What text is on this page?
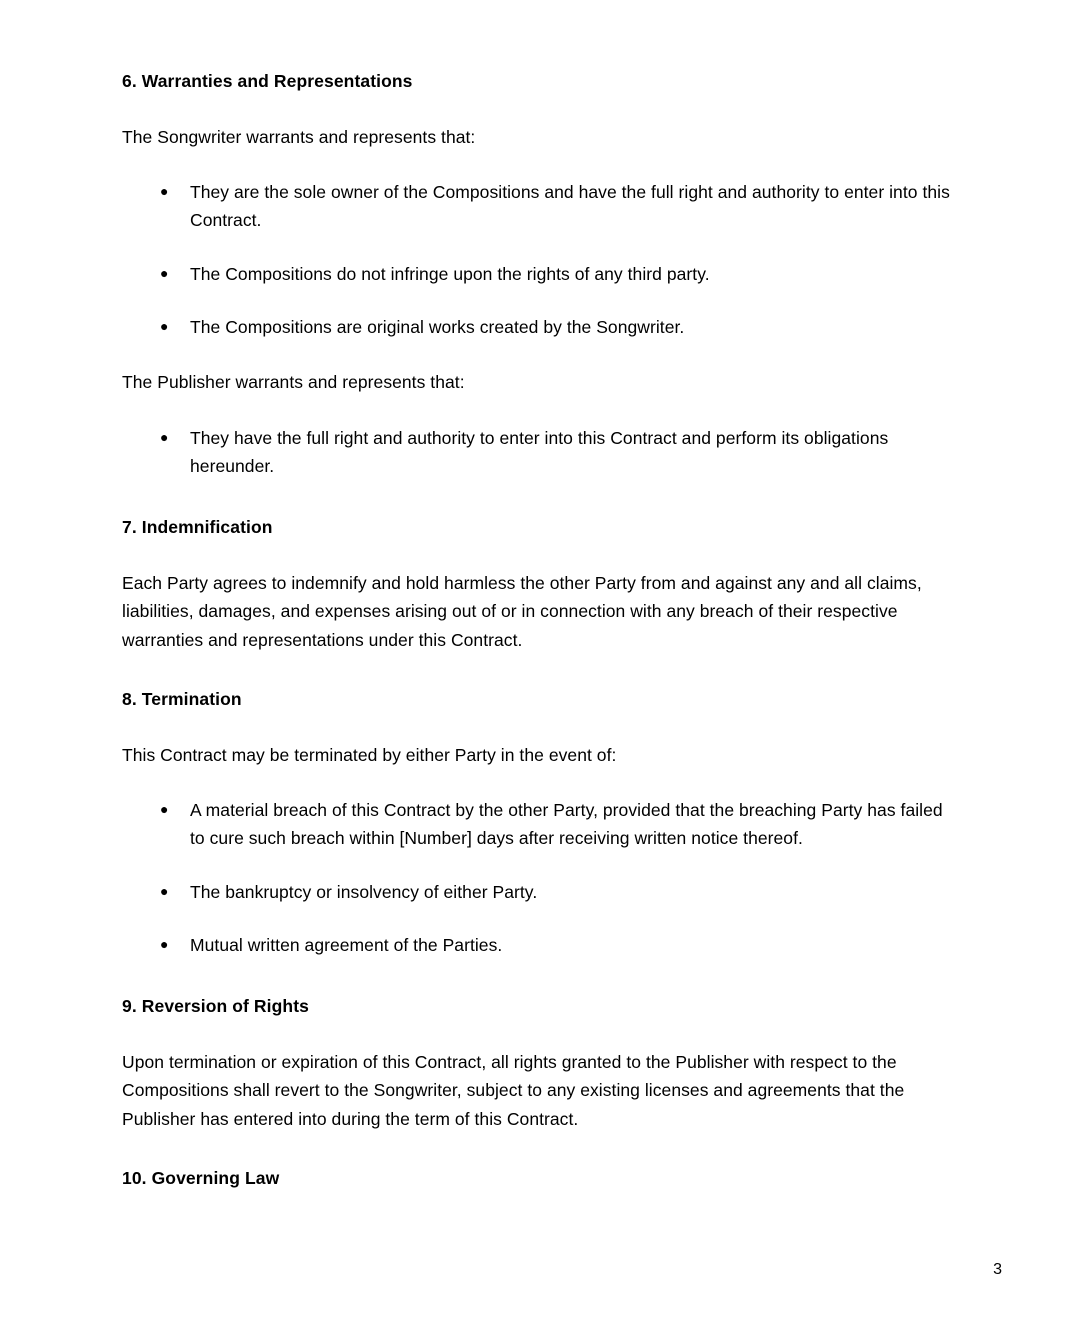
6. Warranties and Representations

The Songwriter warrants and represents that:

● They are the sole owner of the Compositions and have the full right and authority to enter into this Contract.
● The Compositions do not infringe upon the rights of any third party.
● The Compositions are original works created by the Songwriter.

The Publisher warrants and represents that:

● They have the full right and authority to enter into this Contract and perform its obligations hereunder.
7. Indemnification

Each Party agrees to indemnify and hold harmless the other Party from and against any and all claims, liabilities, damages, and expenses arising out of or in connection with any breach of their respective warranties and representations under this Contract.

8. Termination

This Contract may be terminated by either Party in the event of:

● A material breach of this Contract by the other Party, provided that the breaching Party has failed to cure such breach within [Number] days after receiving written notice thereof.
● The bankruptcy or insolvency of either Party.
● Mutual written agreement of the Parties.
9. Reversion of Rights

Upon termination or expiration of this Contract, all rights granted to the Publisher with respect to the Compositions shall revert to the Songwriter, subject to any existing licenses and agreements that the Publisher has entered into during the term of this Contract.

10. Governing Law
3
